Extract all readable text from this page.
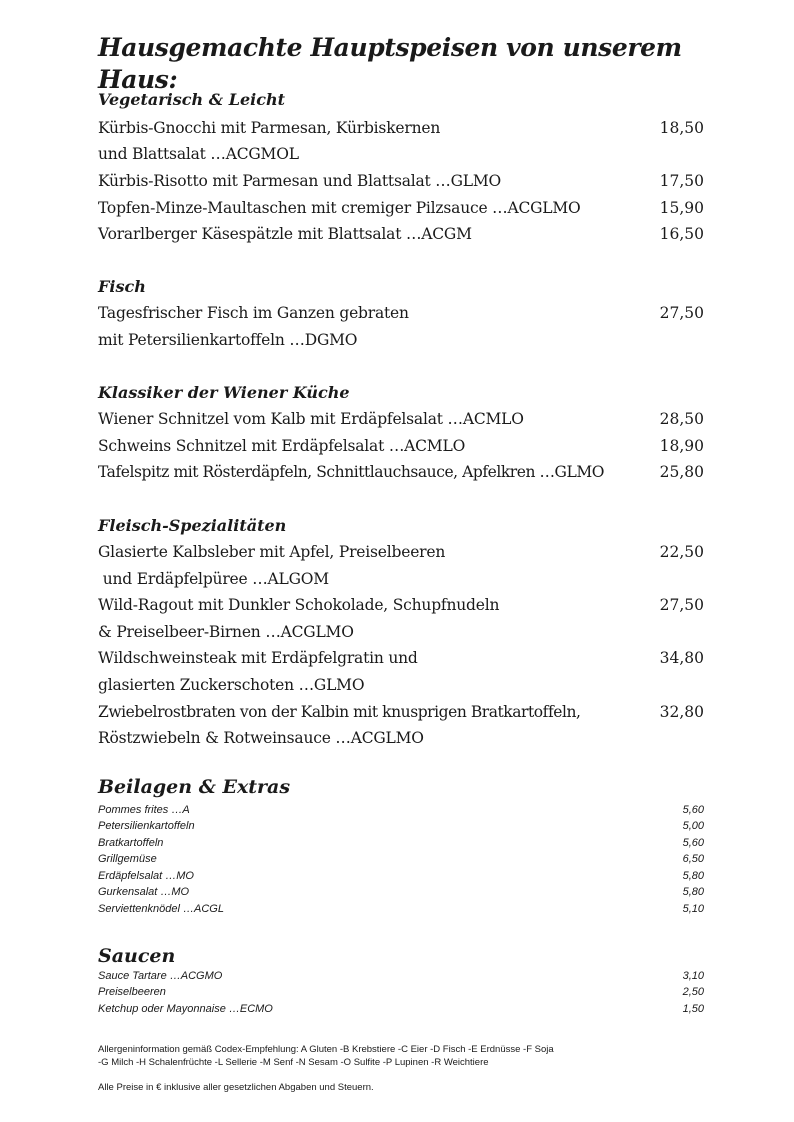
Hausgemachte Hauptspeisen von unserem Haus:
Vegetarisch & Leicht
Kürbis-Gnocchi mit Parmesan, Kürbiskernen	18,50
und Blattsalat …ACGMOL
Kürbis-Risotto mit Parmesan und Blattsalat …GLMO	17,50
Topfen-Minze-Maultaschen mit cremiger Pilzsauce …ACGLMO	15,90
Vorarlberger Käsespätzle mit Blattsalat …ACGM	16,50
Fisch
Tagesfrischer Fisch im Ganzen gebraten	27,50
mit Petersilienkartoffeln …DGMO
Klassiker der Wiener Küche
Wiener Schnitzel vom Kalb mit Erdäpfelsalat …ACMLO	28,50
Schweins Schnitzel mit Erdäpfelsalat …ACMLO	18,90
Tafelspitz mit Rösterdäpfeln, Schnittlauchsauce, Apfelkren …GLMO	25,80
Fleisch-Spezialitäten
Glasierte Kalbsleber mit Apfel, Preiselbeeren	22,50
und Erdäpfelpüree …ALGOM
Wild-Ragout mit Dunkler Schokolade, Schupfnudeln	27,50
& Preiselbeer-Birnen …ACGLMO
Wildschweinsteak mit Erdäpfelgratin und	34,80
glasierten Zuckerschoten …GLMO
Zwiebelrostbraten von der Kalbin mit knusprigen Bratkartoffeln,	32,80
Röstzwiebeln & Rotweinsauce …ACGLMO
Beilagen & Extras
Pommes frites …A	5,60
Petersilienkartoffeln	5,00
Bratkartoffeln	5,60
Grillgemüse	6,50
Erdäpfelsalat …MO	5,80
Gurkensalat …MO	5,80
Serviettenknödel …ACGL	5,10
Saucen
Sauce Tartare …ACGMO	3,10
Preiselbeeren	2,50
Ketchup oder Mayonnaise …ECMO	1,50
Allergeninformation gemäß Codex-Empfehlung: A Gluten -B Krebstiere -C Eier -D Fisch -E Erdnüsse -F Soja
-G Milch -H Schalenfrüchte -L Sellerie -M Senf -N Sesam -O Sulfite -P Lupinen -R Weichtiere
Alle Preise in € inklusive aller gesetzlichen Abgaben und Steuern.
